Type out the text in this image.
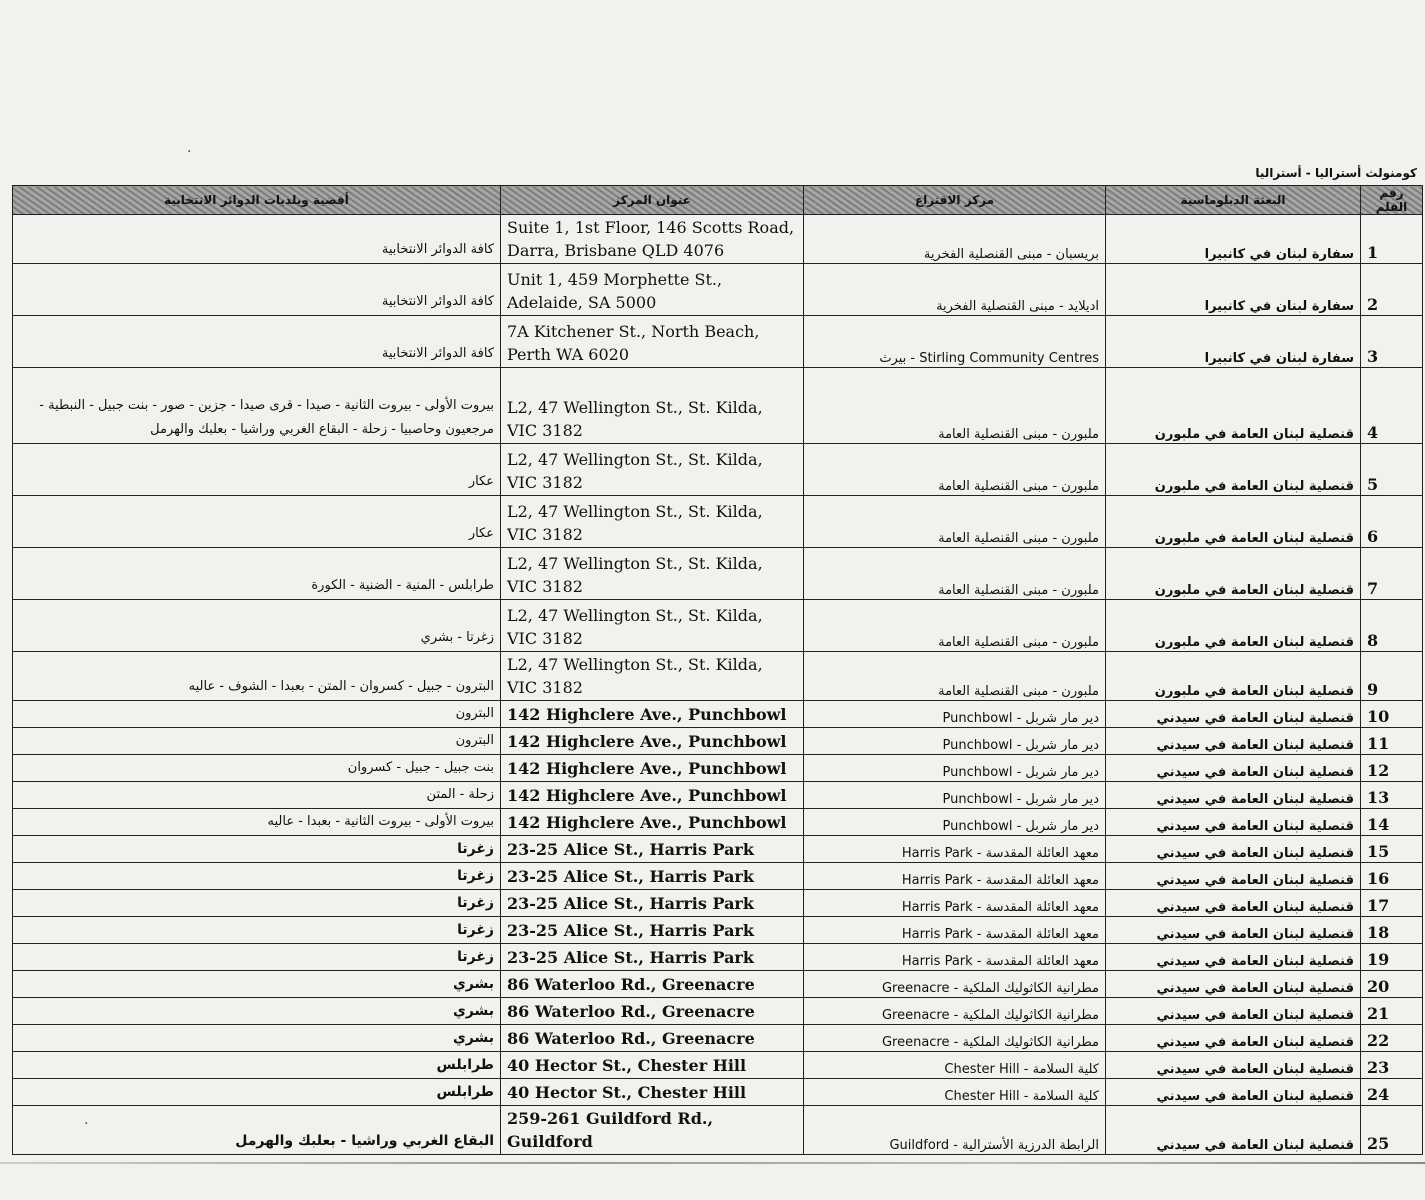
.
.
كومنولث أستراليا - أستراليا
رقم القلم	البعثة الدبلوماسية	مركز الاقتراع	عنوان المركز	أقضية وبلديات الدوائر الانتخابية
1	سفارة لبنان في كانبيرا	بريسبان - مبنى القنصلية الفخرية	Suite 1, 1st Floor, 146 Scotts Road, Darra, Brisbane QLD 4076	كافة الدوائر الانتخابية
2	سفارة لبنان في كانبيرا	اديلايد - مبنى القنصلية الفخرية	Unit 1, 459 Morphette St., Adelaide, SA 5000	كافة الدوائر الانتخابية
3	سفارة لبنان في كانبيرا	Stirling Community Centres - بيرث	7A Kitchener St., North Beach, Perth WA 6020	كافة الدوائر الانتخابية
4	قنصلية لبنان العامة في ملبورن	ملبورن - مبنى القنصلية العامة	L2, 47 Wellington St., St. Kilda, VIC 3182	بيروت الأولى - بيروت الثانية - صيدا - قرى صيدا - جزين - صور - بنت جبيل - النبطية - مرجعيون وحاصبيا - زحلة - البقاع الغربي وراشيا - بعلبك والهرمل
5	قنصلية لبنان العامة في ملبورن	ملبورن - مبنى القنصلية العامة	L2, 47 Wellington St., St. Kilda, VIC 3182	عكار
6	قنصلية لبنان العامة في ملبورن	ملبورن - مبنى القنصلية العامة	L2, 47 Wellington St., St. Kilda, VIC 3182	عكار
7	قنصلية لبنان العامة في ملبورن	ملبورن - مبنى القنصلية العامة	L2, 47 Wellington St., St. Kilda, VIC 3182	طرابلس - المنية - الضنية - الكورة
8	قنصلية لبنان العامة في ملبورن	ملبورن - مبنى القنصلية العامة	L2, 47 Wellington St., St. Kilda, VIC 3182	زغرتا - بشري
9	قنصلية لبنان العامة في ملبورن	ملبورن - مبنى القنصلية العامة	L2, 47 Wellington St., St. Kilda, VIC 3182	البترون - جبيل - كسروان - المتن - بعبدا - الشوف - عاليه
10	قنصلية لبنان العامة في سيدني	دير مار شربل - Punchbowl	142 Highclere Ave., Punchbowl	البترون
11	قنصلية لبنان العامة في سيدني	دير مار شربل - Punchbowl	142 Highclere Ave., Punchbowl	البترون
12	قنصلية لبنان العامة في سيدني	دير مار شربل - Punchbowl	142 Highclere Ave., Punchbowl	بنت جبيل - جبيل - كسروان
13	قنصلية لبنان العامة في سيدني	دير مار شربل - Punchbowl	142 Highclere Ave., Punchbowl	زحلة - المتن
14	قنصلية لبنان العامة في سيدني	دير مار شربل - Punchbowl	142 Highclere Ave., Punchbowl	بيروت الأولى - بيروت الثانية - بعبدا - عاليه
15	قنصلية لبنان العامة في سيدني	معهد العائلة المقدسة - Harris Park	23-25 Alice St., Harris Park	زغرتا
16	قنصلية لبنان العامة في سيدني	معهد العائلة المقدسة - Harris Park	23-25 Alice St., Harris Park	زغرتا
17	قنصلية لبنان العامة في سيدني	معهد العائلة المقدسة - Harris Park	23-25 Alice St., Harris Park	زغرتا
18	قنصلية لبنان العامة في سيدني	معهد العائلة المقدسة - Harris Park	23-25 Alice St., Harris Park	زغرتا
19	قنصلية لبنان العامة في سيدني	معهد العائلة المقدسة - Harris Park	23-25 Alice St., Harris Park	زغرتا
20	قنصلية لبنان العامة في سيدني	مطرانية الكاثوليك الملكية - Greenacre	86 Waterloo Rd., Greenacre	بشري
21	قنصلية لبنان العامة في سيدني	مطرانية الكاثوليك الملكية - Greenacre	86 Waterloo Rd., Greenacre	بشري
22	قنصلية لبنان العامة في سيدني	مطرانية الكاثوليك الملكية - Greenacre	86 Waterloo Rd., Greenacre	بشري
23	قنصلية لبنان العامة في سيدني	كلية السلامة - Chester Hill	40 Hector St., Chester Hill	طرابلس
24	قنصلية لبنان العامة في سيدني	كلية السلامة - Chester Hill	40 Hector St., Chester Hill	طرابلس
25	قنصلية لبنان العامة في سيدني	الرابطة الدرزية الأسترالية - Guildford	259-261 Guildford Rd., Guildford	البقاع الغربي وراشيا - بعلبك والهرمل
